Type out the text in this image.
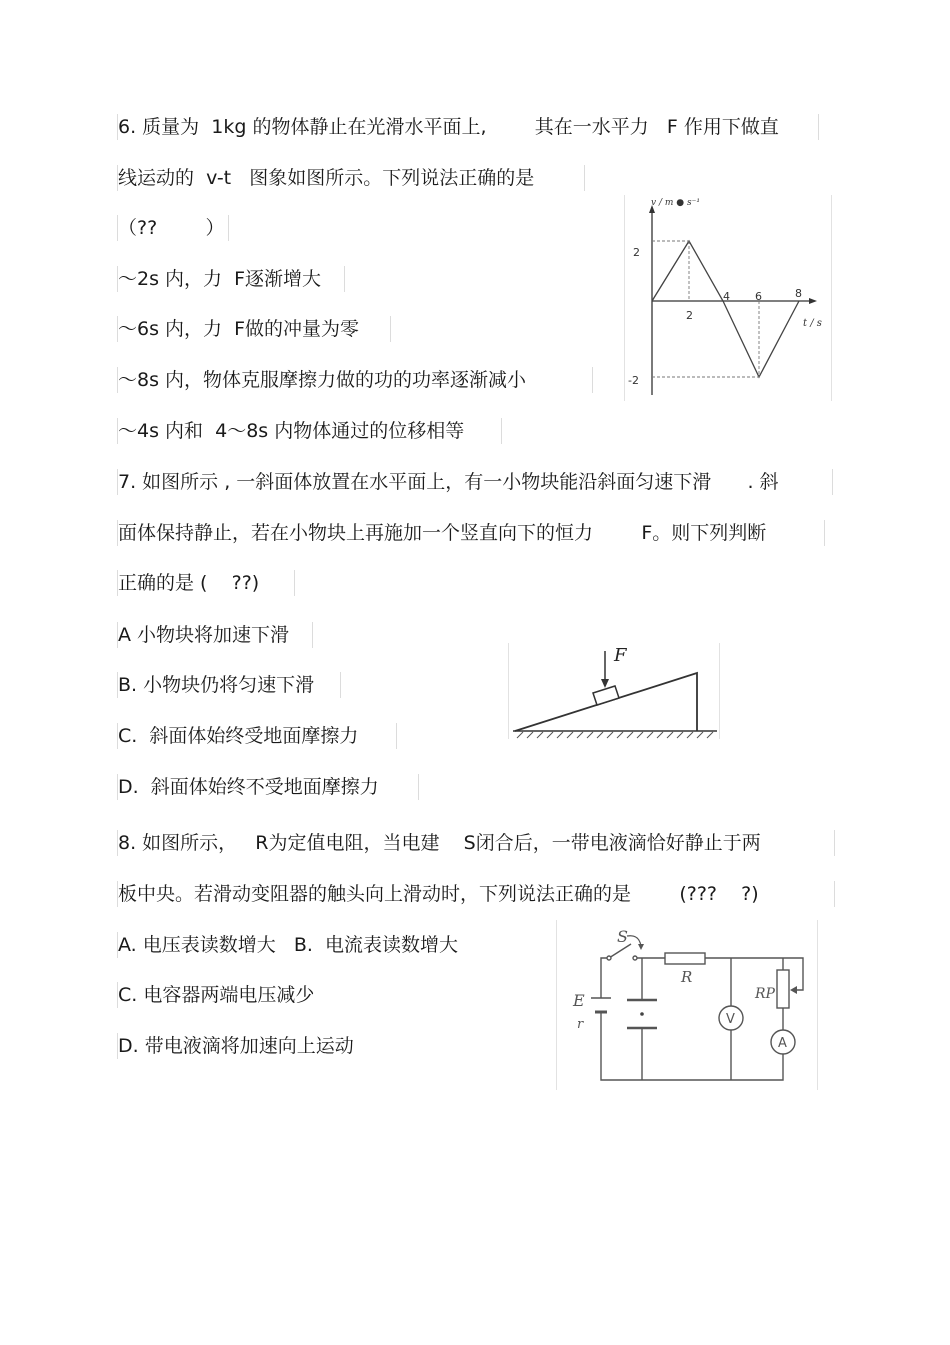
6. 质量为  1kg 的物体静止在光滑水平面上,        其在一水平力   F 作用下做直
线运动的  v-t   图象如图所示。下列说法正确的是
（??        ）
～2s 内，力  F逐渐增大
～6s 内，力  F做的冲量为零
～8s 内，物体克服摩擦力做的功的功率逐渐减小
～4s 内和  4～8s 内物体通过的位移相等
v / m ● s⁻¹
t / s
2
-2
2
4 6	8
7. 如图所示 , 一斜面体放置在水平面上，有一小物块能沿斜面匀速下滑      . 斜
面体保持静止，若在小物块上再施加一个竖直向下的恒力        F。则下列判断
正确的是 (    ??)
A 小物块将加速下滑
B. 小物块仍将匀速下滑
C.  斜面体始终受地面摩擦力
D.  斜面体始终不受地面摩擦力
F
8. 如图所示，   R为定值电阻，当电建    S闭合后，一带电液滴恰好静止于两
板中央。若滑动变阻器的触头向上滑动时，下列说法正确的是        (???    ?)
A. 电压表读数增大   B.  电流表读数增大
C. 电容器两端电压减少
D. 带电液滴将加速向上运动
S
R
RP
E
r	V
A
